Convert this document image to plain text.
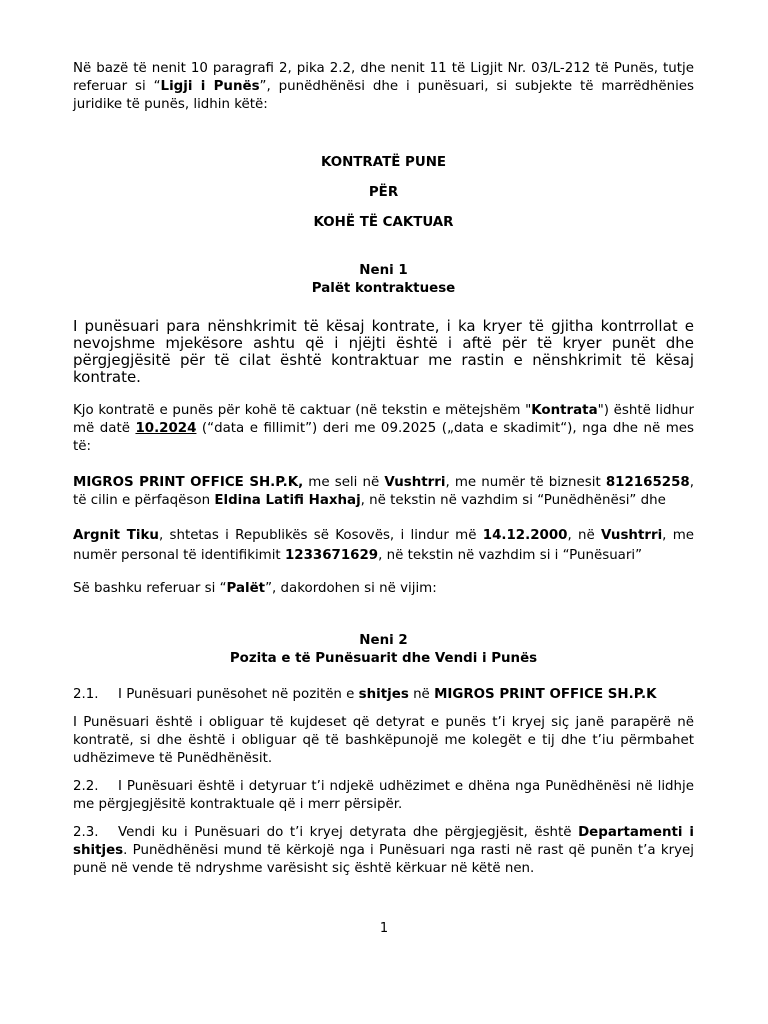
Në bazë të nenit 10 paragrafi 2, pika 2.2, dhe nenit 11 të Ligjit Nr. 03/L-212 të Punës, tutje referuar si “Ligji i Punës”, punëdhënësi dhe i punësuari, si subjekte të marrëdhënies juridike të punës, lidhin këtë:

KONTRATË PUNE

PËR

KOHË TË CAKTUAR

Neni 1

Palët kontraktuese

I punësuari para nënshkrimit të kësaj kontrate, i ka kryer të gjitha kontrrollat e nevojshme mjekësore ashtu që i njëjti është i aftë për të kryer punët dhe përgjegjësitë për të cilat është kontraktuar me rastin e nënshkrimit të kësaj kontrate.

Kjo kontratë e punës për kohë të caktuar (në tekstin e mëtejshëm "Kontrata") është lidhur më datë 10.2024 (“data e fillimit”) deri me 09.2025 („data e skadimit“), nga dhe në mes të:

MIGROS PRINT OFFICE SH.P.K, me seli në Vushtrri, me numër të biznesit 812165258, të cilin e përfaqëson Eldina Latifi Haxhaj, në tekstin në vazhdim si “Punëdhënësi” dhe

Argnit Tiku, shtetas i Republikës së Kosovës, i lindur më 14.12.2000, në Vushtrri, me numër personal të identifikimit 1233671629, në tekstin në vazhdim si i “Punësuari”

Së bashku referuar si “Palët”, dakordohen si në vijim:

Neni 2

Pozita e të Punësuarit dhe Vendi i Punës

2.1. I Punësuari punësohet në pozitën e shitjes në MIGROS PRINT OFFICE SH.P.K

I Punësuari është i obliguar të kujdeset që detyrat e punës t’i kryej siç janë parapërë në kontratë, si dhe është i obliguar që të bashkëpunojë me kolegët e tij dhe t’iu përmbahet udhëzimeve të Punëdhënësit.

2.2. I Punësuari është i detyruar t’i ndjekë udhëzimet e dhëna nga Punëdhënësi në lidhje me përgjegjësitë kontraktuale që i merr përsipër.

2.3. Vendi ku i Punësuari do t’i kryej detyrata dhe përgjegjësit, është Departamenti i shitjes. Punëdhënësi mund të kërkojë nga i Punësuari nga rasti në rast që punën t’a kryej punë në vende të ndryshme varësisht siç është kërkuar në këtë nen.

1
